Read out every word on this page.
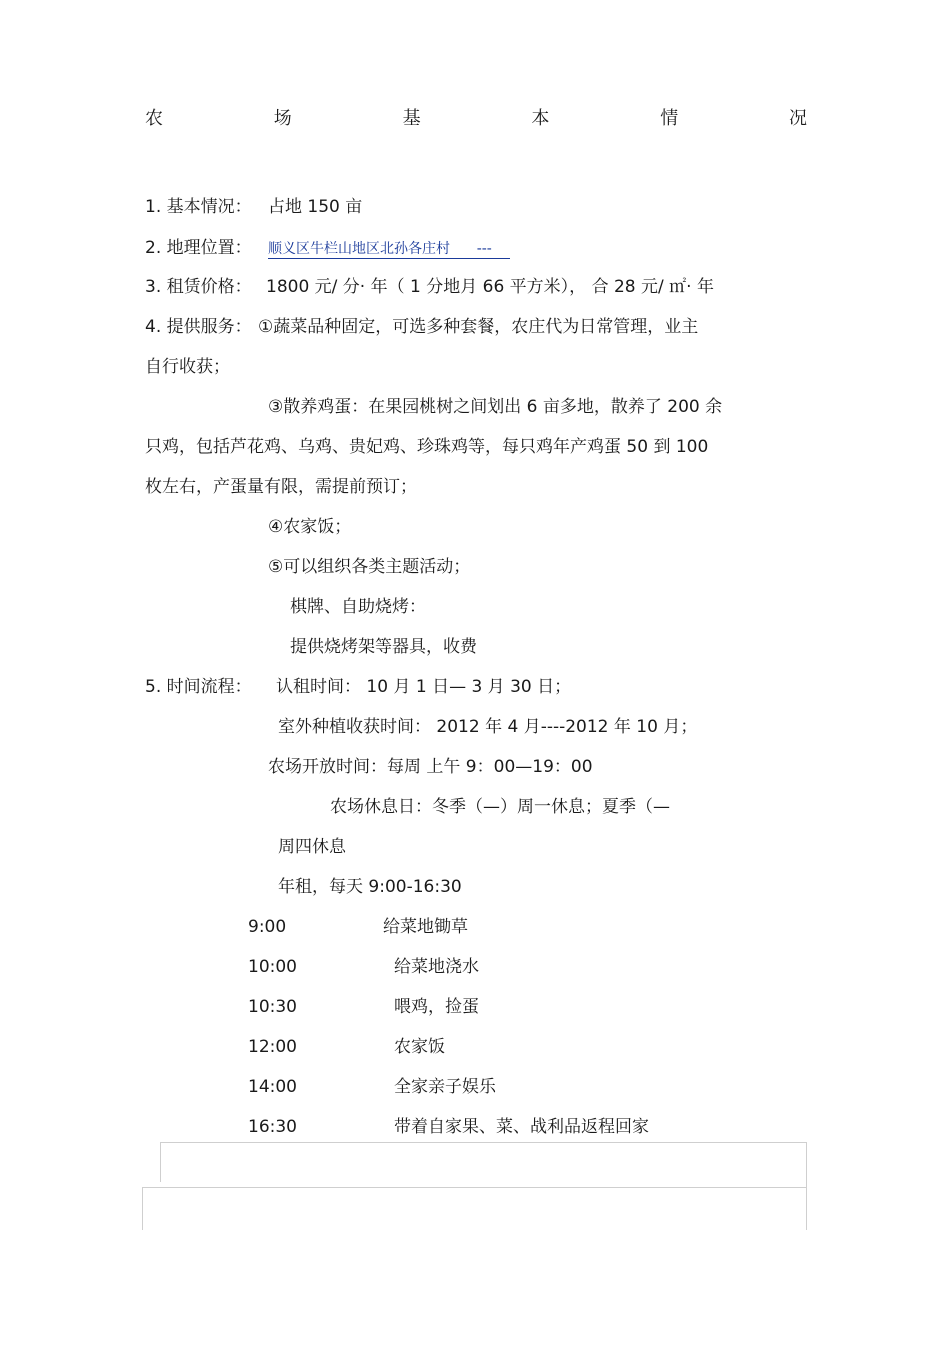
农	场	基	本	情	况
1. 基本情况： 占地 150 亩
2. 地理位置： 顺义区牛栏山地区北孙各庄村 ---
3. 租赁价格： 1800 元/ 分· 年（ 1 分地月 66 平方米）， 合 28 元/ ㎡· 年
4. 提供服务： ①蔬菜品种固定，可选多种套餐，农庄代为日常管理，业主
自行收获；
③散养鸡蛋：在果园桃树之间划出 6 亩多地，散养了 200 余
只鸡，包括芦花鸡、乌鸡、贵妃鸡、珍珠鸡等，每只鸡年产鸡蛋 50 到 100
枚左右，产蛋量有限，需提前预订；
④农家饭；
⑤可以组织各类主题活动；
棋牌、自助烧烤：
提供烧烤架等器具，收费
5. 时间流程： 认租时间： 10 月 1 日— 3 月 30 日；
室外种植收获时间： 2012 年 4 月----2012 年 10 月；
农场开放时间：每周 上午 9：00—19：00
农场休息日：冬季（—）周一休息；夏季（—
周四休息
年租，每天 9:00-16:30
9:00	给菜地锄草
10:00	给菜地浇水
10:30	喂鸡，捡蛋
12:00	农家饭
14:00	全家亲子娱乐
16:30	带着自家果、菜、战利品返程回家
